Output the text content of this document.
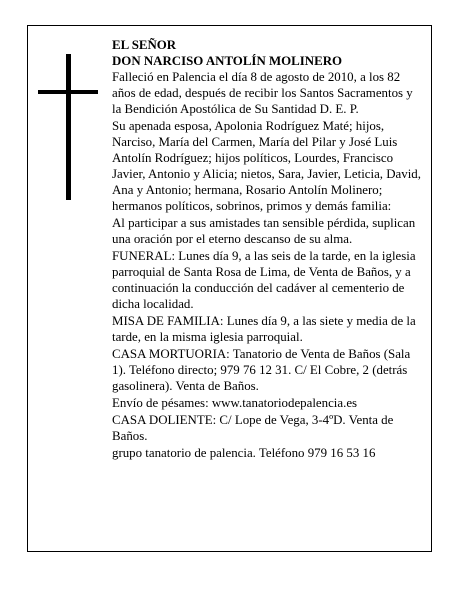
EL SEÑOR

DON NARCISO ANTOLÍN MOLINERO

Falleció en Palencia el día 8 de agosto de 2010, a los 82 años de edad, después de recibir los Santos Sacramentos y la Bendición Apostólica de Su Santidad D. E. P.

Su apenada esposa, Apolonia Rodríguez Maté; hijos, Narciso, María del Carmen, María del Pilar y José Luis Antolín Rodríguez; hijos políticos, Lourdes, Francisco Javier, Antonio y Alicia; nietos, Sara, Javier, Leticia, David, Ana y Antonio; hermana, Rosario Antolín Molinero; hermanos políticos, sobrinos, primos y demás familia:

Al participar a sus amistades tan sensible pérdida, suplican una oración por el eterno descanso de su alma.

FUNERAL: Lunes día 9, a las seis de la tarde, en la iglesia parroquial de Santa Rosa de Lima, de Venta de Baños, y a continuación la conducción del cadáver al cementerio de dicha localidad.

MISA DE FAMILIA: Lunes día 9, a las siete y media de la tarde, en la misma iglesia parroquial.

CASA MORTUORIA: Tanatorio de Venta de Baños (Sala 1). Teléfono directo; 979 76 12 31. C/ El Cobre, 2 (detrás gasolinera). Venta de Baños.

Envío de pésames: www.tanatoriodepalencia.es

CASA DOLIENTE: C/ Lope de Vega, 3-4ºD. Venta de Baños.

grupo tanatorio de palencia. Teléfono 979 16 53 16
